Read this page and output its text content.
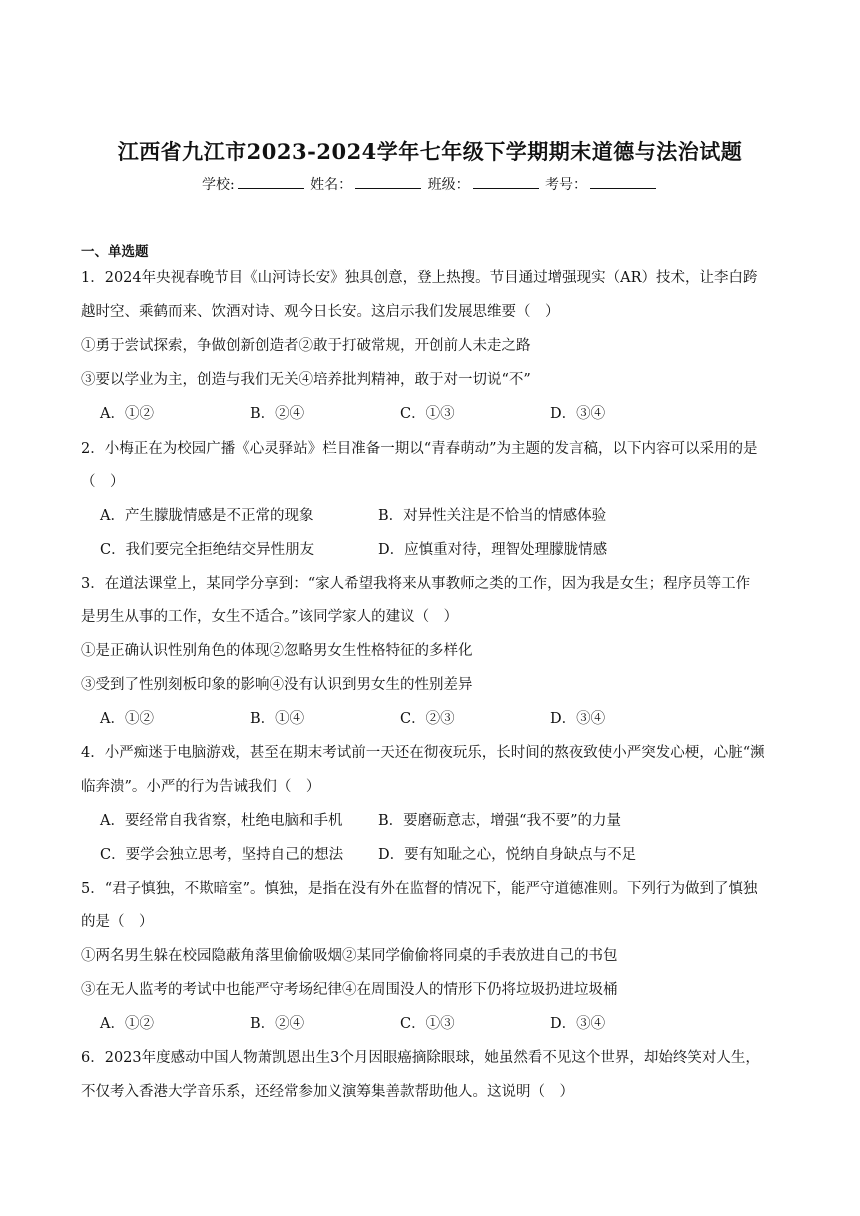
江西省九江市2023-2024学年七年级下学期期末道德与法治试题
学校:	姓名：	班级：	考号：
一、单选题
1．2024年央视春晚节目《山河诗长安》独具创意，登上热搜。节目通过增强现实（AR）技术，让李白跨
越时空、乘鹤而来、饮酒对诗、观今日长安。这启示我们发展思维要（　）
①勇于尝试探索，争做创新创造者②敢于打破常规，开创前人未走之路
③要以学业为主，创造与我们无关④培养批判精神，敢于对一切说“不”
A．①②	B．②④	C．①③	D．③④
2．小梅正在为校园广播《心灵驿站》栏目准备一期以“青春萌动”为主题的发言稿，以下内容可以采用的是
（　）
A．产生朦胧情感是不正常的现象	B．对异性关注是不恰当的情感体验
C．我们要完全拒绝结交异性朋友	D．应慎重对待，理智处理朦胧情感
3．在道法课堂上，某同学分享到：“家人希望我将来从事教师之类的工作，因为我是女生；程序员等工作
是男生从事的工作，女生不适合。”该同学家人的建议（　）
①是正确认识性别角色的体现②忽略男女生性格特征的多样化
③受到了性别刻板印象的影响④没有认识到男女生的性别差异
A．①②	B．①④	C．②③	D．③④
4．小严痴迷于电脑游戏，甚至在期末考试前一天还在彻夜玩乐，长时间的熬夜致使小严突发心梗，心脏“濒
临奔溃”。小严的行为告诫我们（　）
A．要经常自我省察，杜绝电脑和手机 B．要磨砺意志，增强“我不要”的力量
C．要学会独立思考，坚持自己的想法 D．要有知耻之心，悦纳自身缺点与不足
5．“君子慎独，不欺暗室”。慎独，是指在没有外在监督的情况下，能严守道德准则。下列行为做到了慎独
的是（　）
①两名男生躲在校园隐蔽角落里偷偷吸烟②某同学偷偷将同桌的手表放进自己的书包
③在无人监考的考试中也能严守考场纪律④在周围没人的情形下仍将垃圾扔进垃圾桶
A．①②	B．②④	C．①③	D．③④
6．2023年度感动中国人物萧凯恩出生3个月因眼癌摘除眼球，她虽然看不见这个世界，却始终笑对人生，
不仅考入香港大学音乐系，还经常参加义演筹集善款帮助他人。这说明（　）
